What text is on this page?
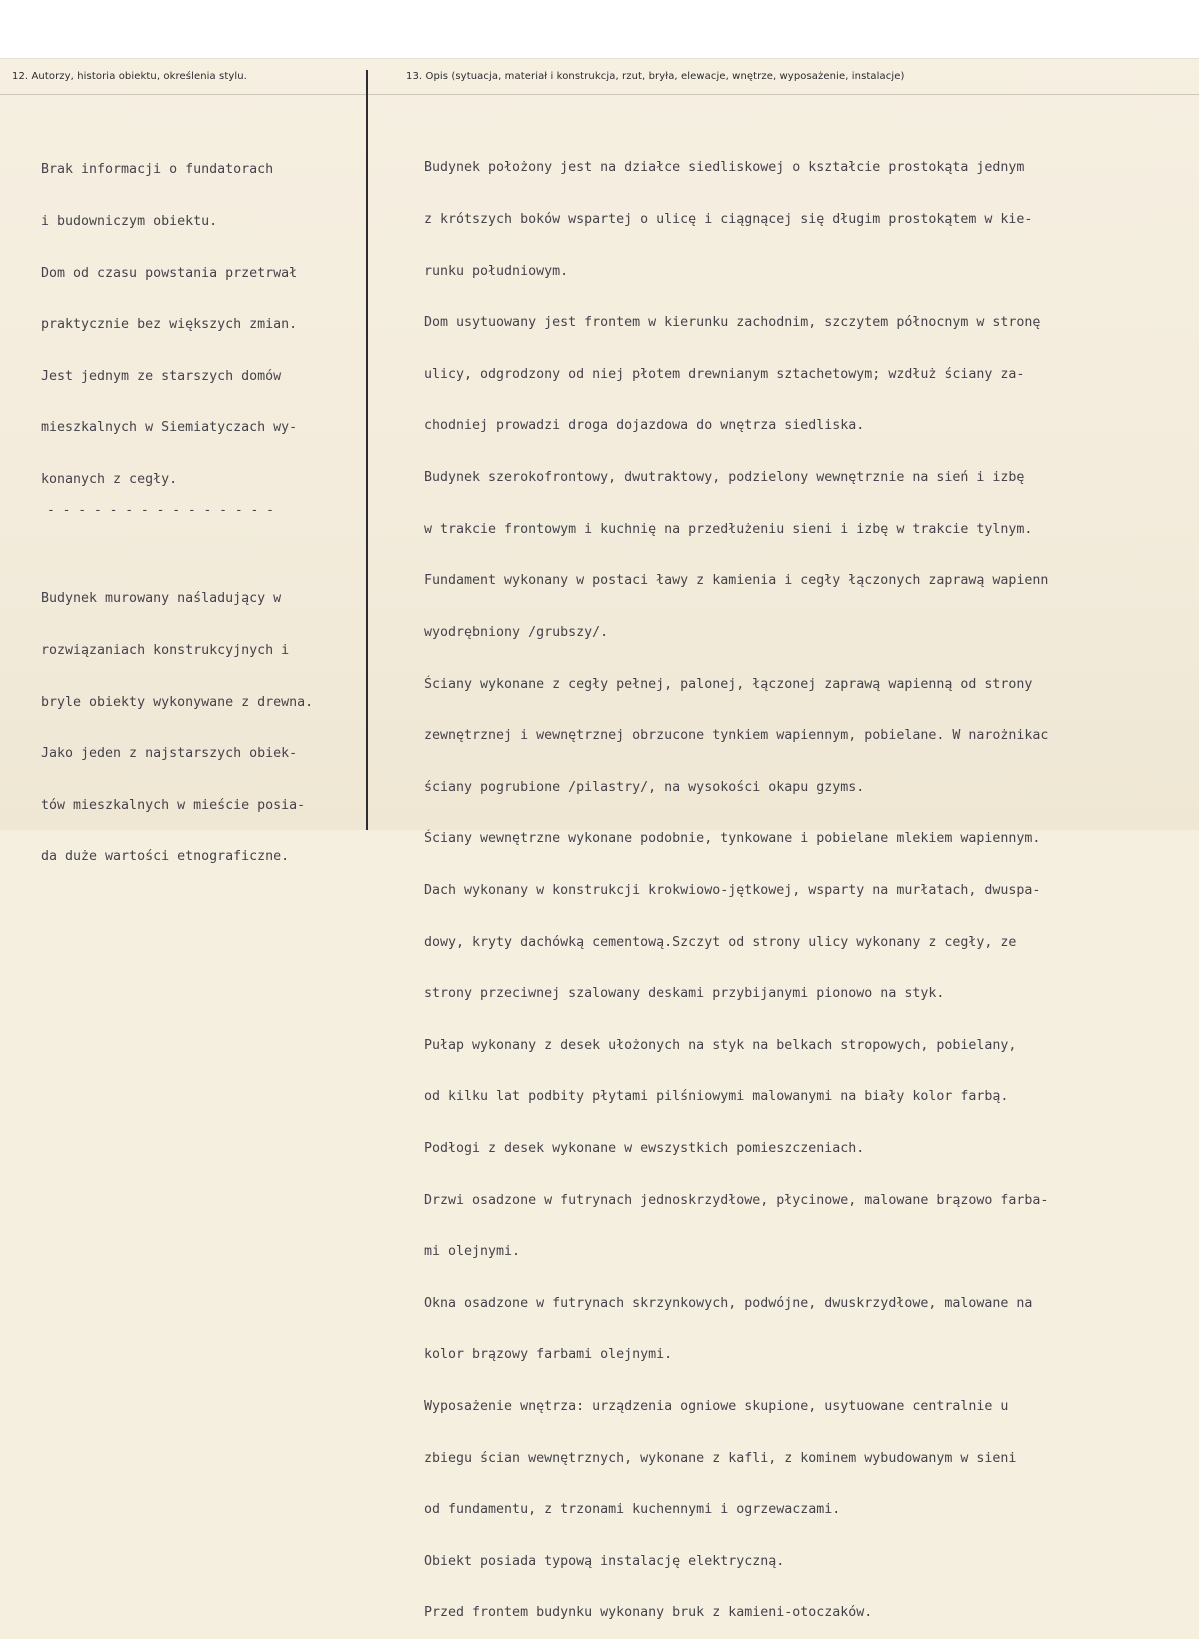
12. Autorzy, historia obiektu, określenia stylu.	13. Opis (sytuacja, materiał i konstrukcja, rzut, bryła, elewacje, wnętrze, wyposażenie, instalacje)

Brak informacji o fundatorach

i budowniczym obiektu.

Dom od czasu powstania przetrwał

praktycznie bez większych zmian.

Jest jednym ze starszych domów

mieszkalnych w Siemiatyczach wy-

konanych z cegły.

- - - - - - - - - - - - - - -

Budynek murowany naśladujący w

rozwiązaniach konstrukcyjnych i

bryle obiekty wykonywane z drewna.

Jako jeden z najstarszych obiek-

tów mieszkalnych w mieście posia-

da duże wartości etnograficzne.

Budynek położony jest na działce siedliskowej o kształcie prostokąta jednym

z krótszych boków wspartej o ulicę i ciągnącej się długim prostokątem w kie-

runku południowym.

Dom usytuowany jest frontem w kierunku zachodnim, szczytem północnym w stronę

ulicy, odgrodzony od niej płotem drewnianym sztachetowym; wzdłuż ściany za-

chodniej prowadzi droga dojazdowa do wnętrza siedliska.

Budynek szerokofrontowy, dwutraktowy, podzielony wewnętrznie na sień i izbę

w trakcie frontowym i kuchnię na przedłużeniu sieni i izbę w trakcie tylnym.

Fundament wykonany w postaci ławy z kamienia i cegły łączonych zaprawą wapienn

wyodrębniony /grubszy/.

Ściany wykonane z cegły pełnej, palonej, łączonej zaprawą wapienną od strony

zewnętrznej i wewnętrznej obrzucone tynkiem wapiennym, pobielane. W narożnikac

ściany pogrubione /pilastry/, na wysokości okapu gzyms.

Ściany wewnętrzne wykonane podobnie, tynkowane i pobielane mlekiem wapiennym.

Dach wykonany w konstrukcji krokwiowo-jętkowej, wsparty na murłatach, dwuspa-

dowy, kryty dachówką cementową.Szczyt od strony ulicy wykonany z cegły, ze

strony przeciwnej szalowany deskami przybijanymi pionowo na styk.

Pułap wykonany z desek ułożonych na styk na belkach stropowych, pobielany,

od kilku lat podbity płytami pilśniowymi malowanymi na biały kolor farbą.

Podłogi z desek wykonane w ewszystkich pomieszczeniach.

Drzwi osadzone w futrynach jednoskrzydłowe, płycinowe, malowane brązowo farba-

mi olejnymi.

Okna osadzone w futrynach skrzynkowych, podwójne, dwuskrzydłowe, malowane na

kolor brązowy farbami olejnymi.

Wyposażenie wnętrza: urządzenia ogniowe skupione, usytuowane centralnie u

zbiegu ścian wewnętrznych, wykonane z kafli, z kominem wybudowanym w sieni

od fundamentu, z trzonami kuchennymi i ogrzewaczami.

Obiekt posiada typową instalację elektryczną.

Przed frontem budynku wykonany bruk z kamieni-otoczaków.
